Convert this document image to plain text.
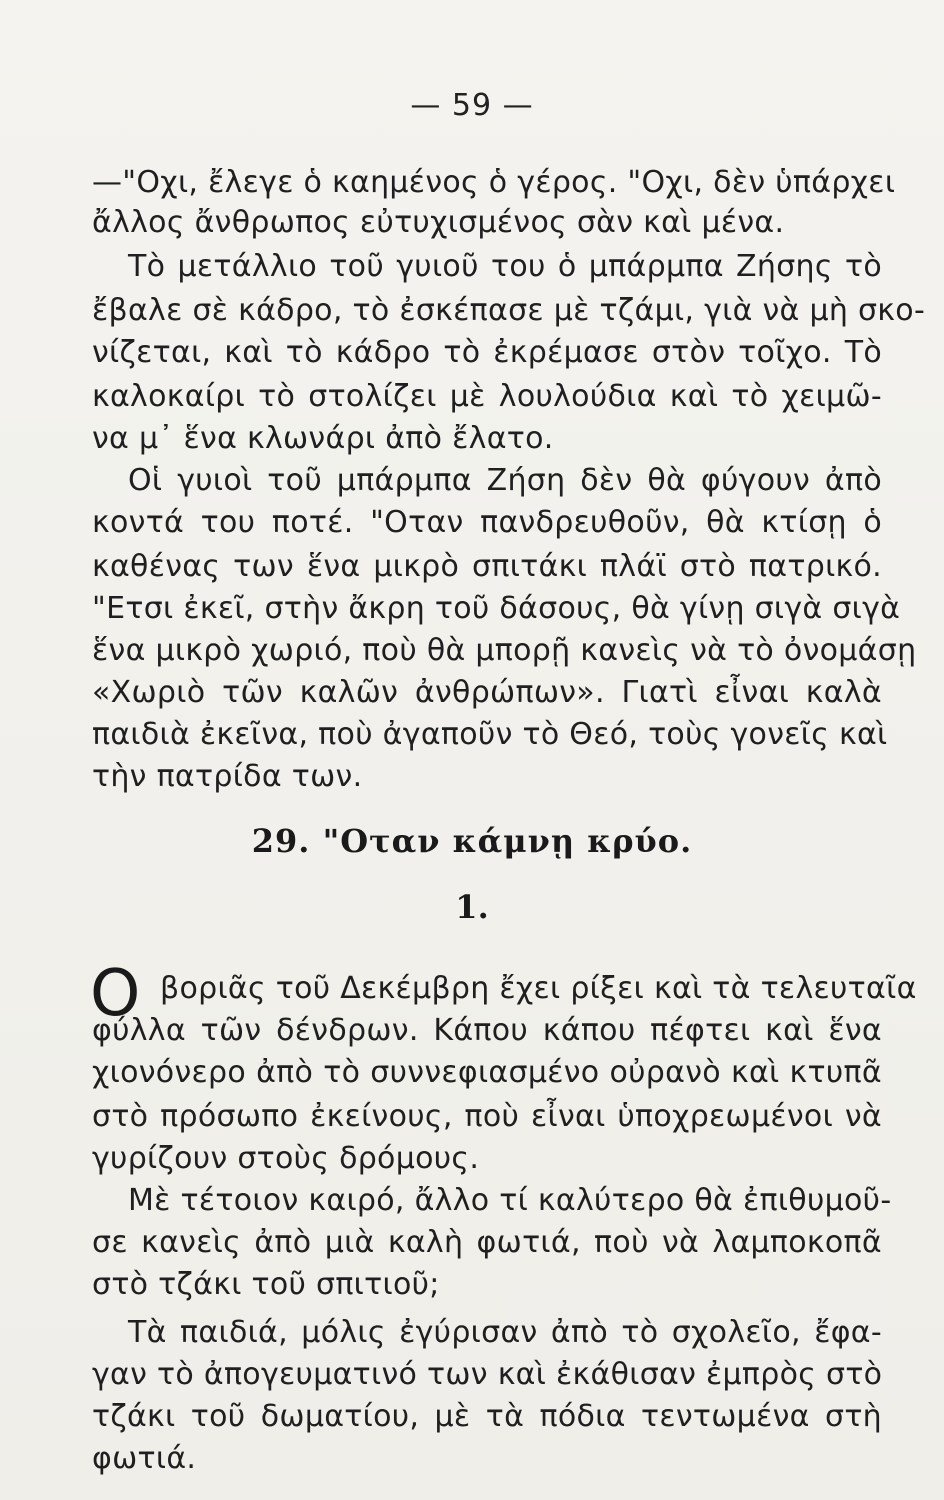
— 59 —
—"Οχι, ἔλεγε ὁ καημένος ὁ γέρος. "Οχι, δὲν ὑπάρχει
ἄλλος ἄνθρωπος εὐτυχισμένος σὰν καὶ μένα.
Τὸ μετάλλιο τοῦ γυιοῦ του ὁ μπάρμπα Ζήσης τὸ
ἔβαλε σὲ κάδρο, τὸ ἐσκέπασε μὲ τζάμι, γιὰ νὰ μὴ σκο-
νίζεται, καὶ τὸ κάδρο τὸ ἐκρέμασε στὸν τοῖχο. Τὸ
καλοκαίρι τὸ στολίζει μὲ λουλούδια καὶ τὸ χειμῶ-
να μ᾿ ἕνα κλωνάρι ἀπὸ ἔλατο.
Οἱ γυιοὶ τοῦ μπάρμπα Ζήση δὲν θὰ φύγουν ἀπὸ
κοντά του ποτέ. "Οταν πανδρευθοῦν, θὰ κτίσῃ ὁ
καθένας των ἕνα μικρὸ σπιτάκι πλάϊ στὸ πατρικό.
"Ετσι ἐκεῖ, στὴν ἄκρη τοῦ δάσους, θὰ γίνῃ σιγὰ σιγὰ
ἕνα μικρὸ χωριό, ποὺ θὰ μπορῇ κανεὶς νὰ τὸ ὀνομάσῃ
«Χωριὸ τῶν καλῶν ἀνθρώπων». Γιατὶ εἶναι καλὰ
παιδιὰ ἐκεῖνα, ποὺ ἀγαποῦν τὸ Θεό, τοὺς γονεῖς καὶ
τὴν πατρίδα των.
29. "Οταν κάμνῃ κρύο.
1.
Ο βοριᾶς τοῦ Δεκέμβρη ἔχει ρίξει καὶ τὰ τελευταῖα
φύλλα τῶν δένδρων. Κάπου κάπου πέφτει καὶ ἕνα
χιονόνερο ἀπὸ τὸ συννεφιασμένο οὐρανὸ καὶ κτυπᾶ
στὸ πρόσωπο ἐκείνους, ποὺ εἶναι ὑποχρεωμένοι νὰ
γυρίζουν στοὺς δρόμους.
Μὲ τέτοιον καιρό, ἄλλο τί καλύτερο θὰ ἐπιθυμοῦ-
σε κανεὶς ἀπὸ μιὰ καλὴ φωτιά, ποὺ νὰ λαμποκοπᾶ
στὸ τζάκι τοῦ σπιτιοῦ;
Τὰ παιδιά, μόλις ἐγύρισαν ἀπὸ τὸ σχολεῖο, ἔφα-
γαν τὸ ἀπογευματινό των καὶ ἐκάθισαν ἐμπρὸς στὸ
τζάκι τοῦ δωματίου, μὲ τὰ πόδια τεντωμένα στὴ
φωτιά.
